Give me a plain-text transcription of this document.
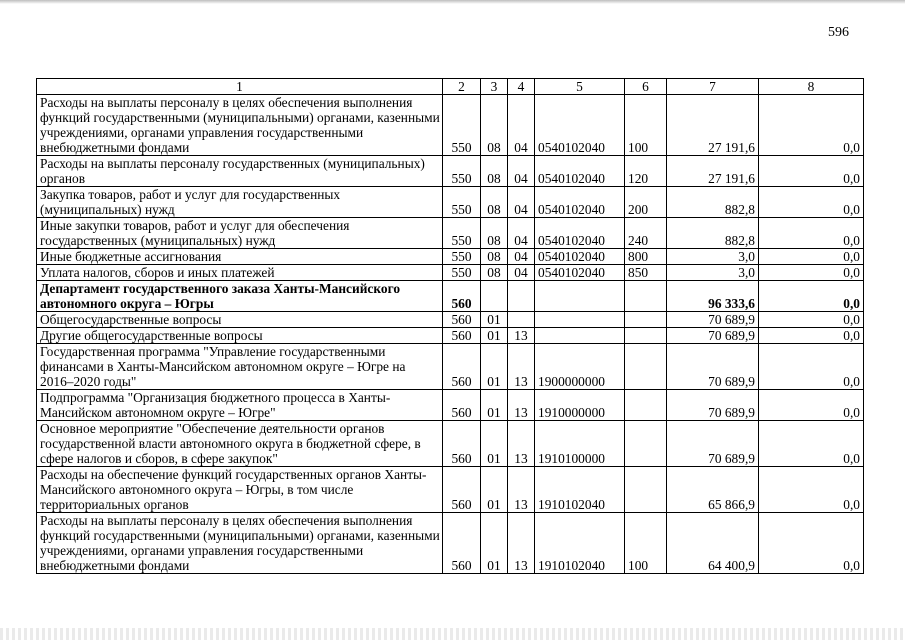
596
1	2	3	4	5	6	7	8
Расходы на выплаты персоналу в целях обеспечения выполнения функций государственными (муниципальными) органами, казенными учреждениями, органами управления государственными внебюджетными фондами	550	08	04	0540102040	100	27 191,6	0,0
Расходы на выплаты персоналу государственных (муниципальных) органов	550	08	04	0540102040	120	27 191,6	0,0
Закупка товаров, работ и услуг для государственных (муниципальных) нужд	550	08	04	0540102040	200	882,8	0,0
Иные закупки товаров, работ и услуг для обеспечения государственных (муниципальных) нужд	550	08	04	0540102040	240	882,8	0,0
Иные бюджетные ассигнования	550	08	04	0540102040	800	3,0	0,0
Уплата налогов, сборов и иных платежей	550	08	04	0540102040	850	3,0	0,0
Департамент государственного заказа Ханты-Мансийского автономного округа – Югры	560					96 333,6	0,0
Общегосударственные вопросы	560	01				70 689,9	0,0
Другие общегосударственные вопросы	560	01	13			70 689,9	0,0
Государственная программа "Управление государственными финансами в Ханты-Мансийском автономном округе – Югре на 2016–2020 годы"	560	01	13	1900000000		70 689,9	0,0
Подпрограмма "Организация бюджетного процесса в Ханты-Мансийском автономном округе – Югре"	560	01	13	1910000000		70 689,9	0,0
Основное мероприятие "Обеспечение деятельности органов государственной власти автономного округа в бюджетной сфере, в сфере налогов и сборов, в сфере закупок"	560	01	13	1910100000		70 689,9	0,0
Расходы на обеспечение функций государственных органов Ханты-Мансийского автономного округа – Югры, в том числе территориальных органов	560	01	13	1910102040		65 866,9	0,0
Расходы на выплаты персоналу в целях обеспечения выполнения функций государственными (муниципальными) органами, казенными учреждениями, органами управления государственными внебюджетными фондами	560	01	13	1910102040	100	64 400,9	0,0
